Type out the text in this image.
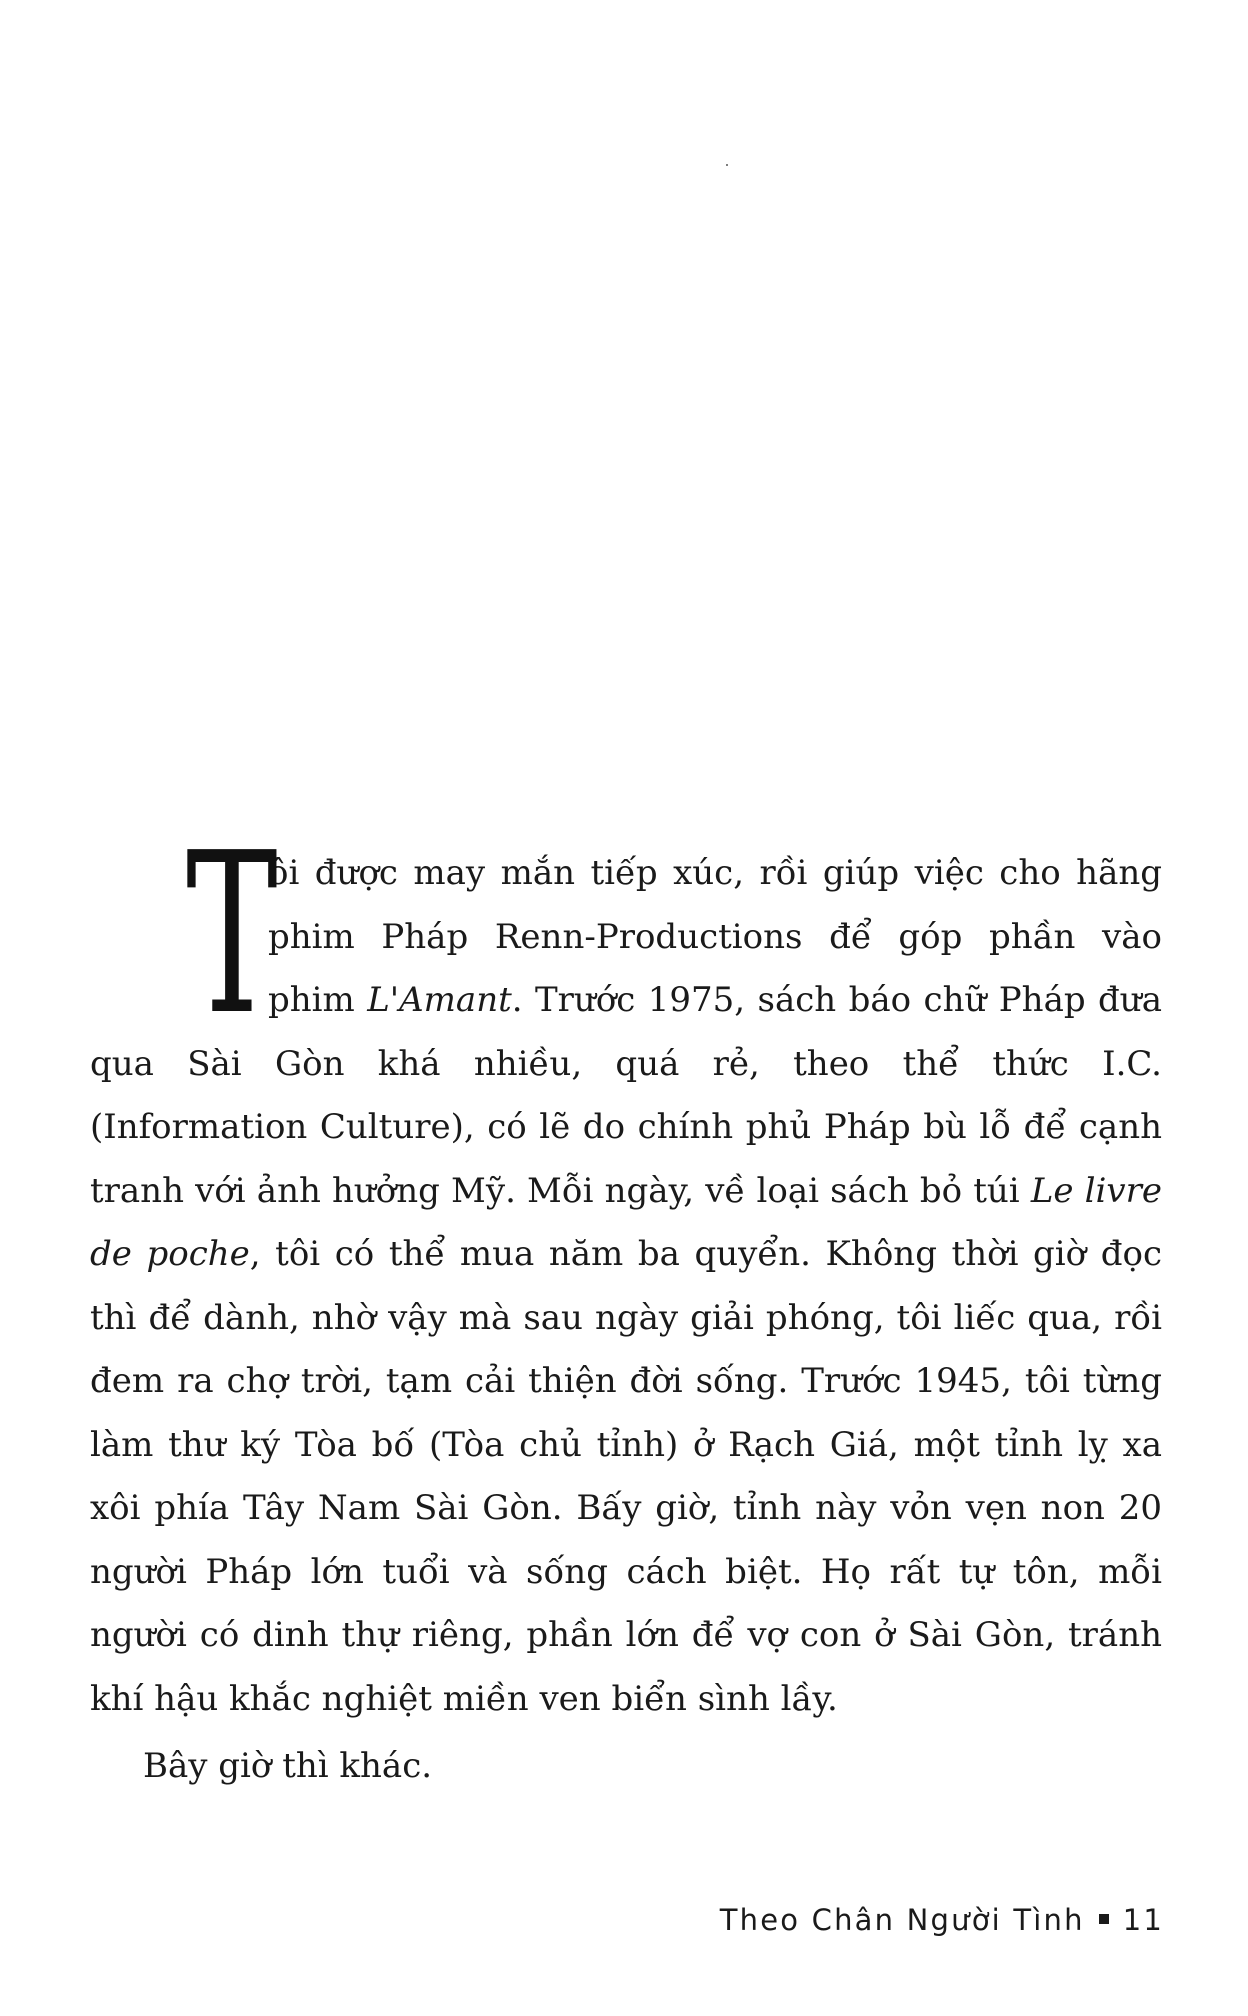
T
ôi được may mắn tiếp xúc, rồi giúp việc cho hãng phim Pháp Renn-Productions để góp phần vào phim L'Amant. Trước 1975, sách báo chữ Pháp đưa qua Sài Gòn khá nhiều, quá rẻ, theo thể thức I.C. (Information Culture), có lẽ do chính phủ Pháp bù lỗ để cạnh tranh với ảnh hưởng Mỹ. Mỗi ngày, về loại sách bỏ túi Le livre de poche, tôi có thể mua năm ba quyển. Không thời giờ đọc thì để dành, nhờ vậy mà sau ngày giải phóng, tôi liếc qua, rồi đem ra chợ trời, tạm cải thiện đời sống. Trước 1945, tôi từng làm thư ký Tòa bố (Tòa chủ tỉnh) ở Rạch Giá, một tỉnh lỵ xa xôi phía Tây Nam Sài Gòn. Bấy giờ, tỉnh này vỏn vẹn non 20 người Pháp lớn tuổi và sống cách biệt. Họ rất tự tôn, mỗi người có dinh thự riêng, phần lớn để vợ con ở Sài Gòn, tránh khí hậu khắc nghiệt miền ven biển sình lầy.

Bây giờ thì khác.

Theo Chân Người Tình 11
